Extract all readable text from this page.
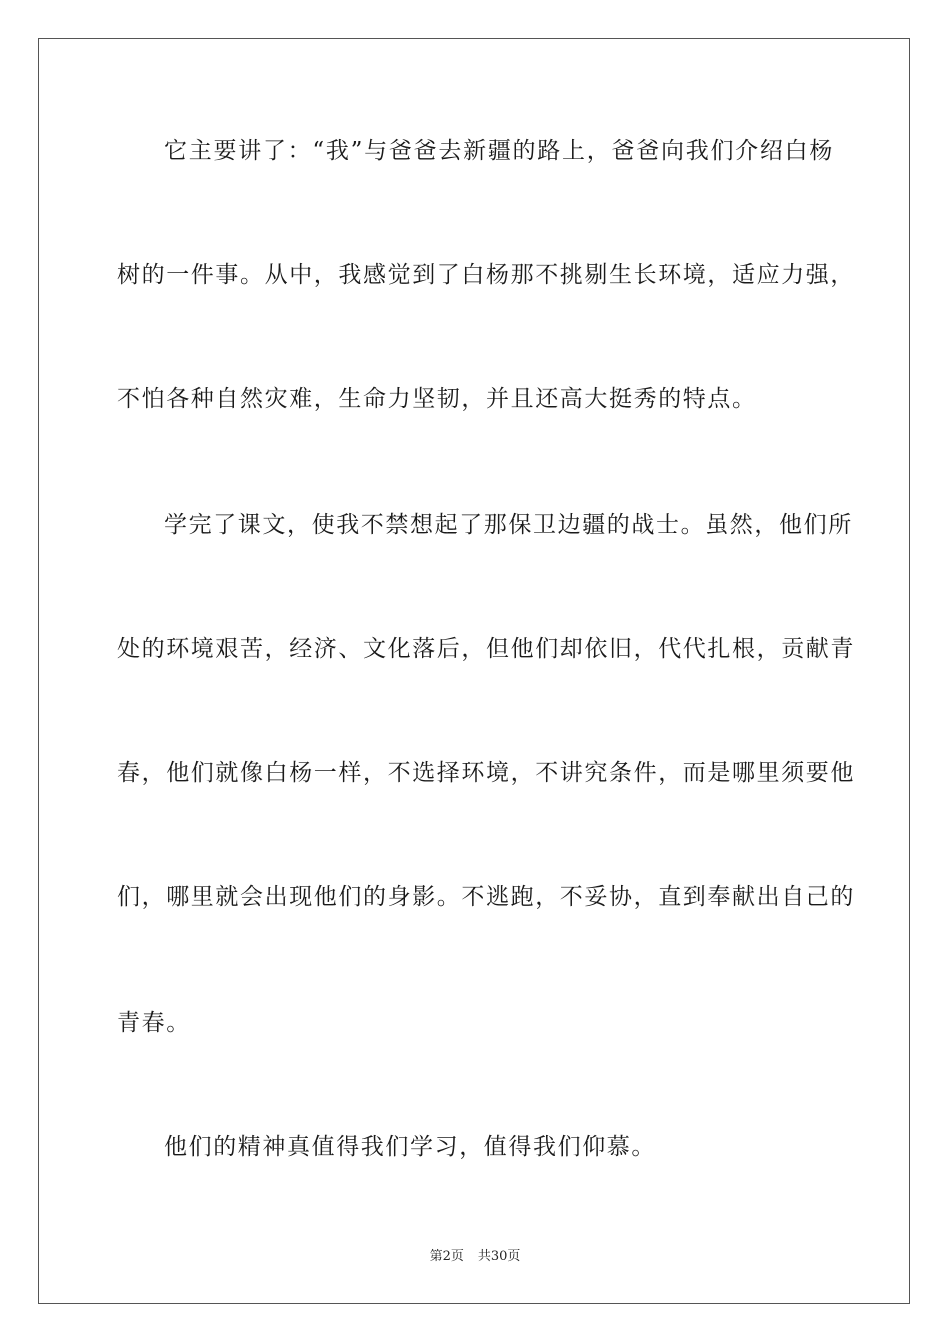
它主要讲了：“我”与爸爸去新疆的路上，爸爸向我们介绍白杨
树的一件事。从中，我感觉到了白杨那不挑剔生长环境，适应力强，
不怕各种自然灾难，生命力坚韧，并且还高大挺秀的特点。
学完了课文，使我不禁想起了那保卫边疆的战士。虽然，他们所
处的环境艰苦，经济、文化落后，但他们却依旧，代代扎根，贡献青
春，他们就像白杨一样，不选择环境，不讲究条件，而是哪里须要他
们，哪里就会出现他们的身影。不逃跑，不妥协，直到奉献出自己的
青春。
他们的精神真值得我们学习，值得我们仰慕。
第2页 共30页
